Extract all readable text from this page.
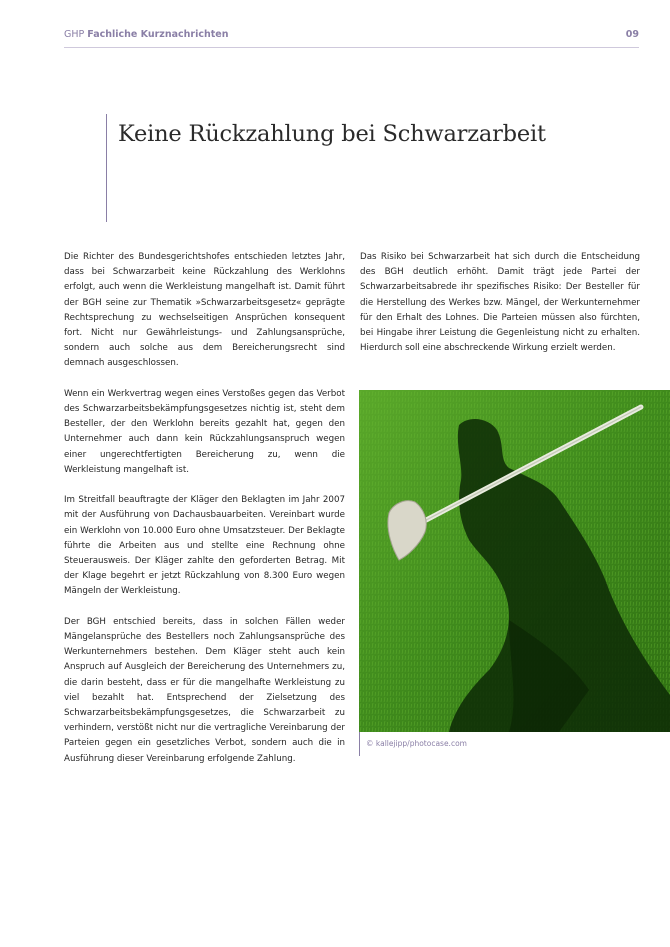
GHP Fachliche Kurznachrichten	09
Keine Rückzahlung bei Schwarzarbeit

Die Richter des Bundesgerichtshofes entschieden letztes Jahr, dass bei Schwarzarbeit keine Rückzahlung des Werklohns erfolgt, auch wenn die Werkleistung mangelhaft ist. Damit führt der BGH seine zur Thematik »Schwarzarbeitsgesetz« geprägte Rechtsprechung zu wechselseitigen Ansprüchen konsequent fort. Nicht nur Gewährleistungs- und Zahlungsansprüche, sondern auch solche aus dem Bereicherungsrecht sind demnach ausgeschlossen.

Wenn ein Werkvertrag wegen eines Verstoßes gegen das Verbot des Schwarzarbeitsbekämpfungsgesetzes nichtig ist, steht dem Besteller, der den Werklohn bereits gezahlt hat, gegen den Unternehmer auch dann kein Rückzahlungsanspruch wegen einer ungerechtfertigten Bereicherung zu, wenn die Werkleistung mangelhaft ist.

Im Streitfall beauftragte der Kläger den Beklagten im Jahr 2007 mit der Ausführung von Dachausbauarbeiten. Vereinbart wurde ein Werklohn von 10.000 Euro ohne Umsatzsteuer. Der Beklagte führte die Arbeiten aus und stellte eine Rechnung ohne Steuerausweis. Der Kläger zahlte den geforderten Betrag. Mit der Klage begehrt er jetzt Rückzahlung von 8.300 Euro wegen Mängeln der Werkleistung.

Der BGH entschied bereits, dass in solchen Fällen weder Mängelansprüche des Bestellers noch Zahlungsansprüche des Werkunternehmers bestehen. Dem Kläger steht auch kein Anspruch auf Ausgleich der Bereicherung des Unternehmers zu, die darin besteht, dass er für die mangelhafte Werkleistung zu viel bezahlt hat. Entsprechend der Zielsetzung des Schwarzarbeitsbekämpfungsgesetzes, die Schwarzarbeit zu verhindern, verstößt nicht nur die vertragliche Vereinbarung der Parteien gegen ein gesetzliches Verbot, sondern auch die in Ausführung dieser Vereinbarung erfolgende Zahlung.

Das Risiko bei Schwarzarbeit hat sich durch die Entscheidung des BGH deutlich erhöht. Damit trägt jede Partei der Schwarzarbeitsabrede ihr spezifisches Risiko: Der Besteller für die Herstellung des Werkes bzw. Mängel, der Werkunternehmer für den Erhalt des Lohnes. Die Parteien müssen also fürchten, bei Hingabe ihrer Leistung die Gegenleistung nicht zu erhalten. Hierdurch soll eine abschreckende Wirkung erzielt werden.

© kallejipp/photocase.com
